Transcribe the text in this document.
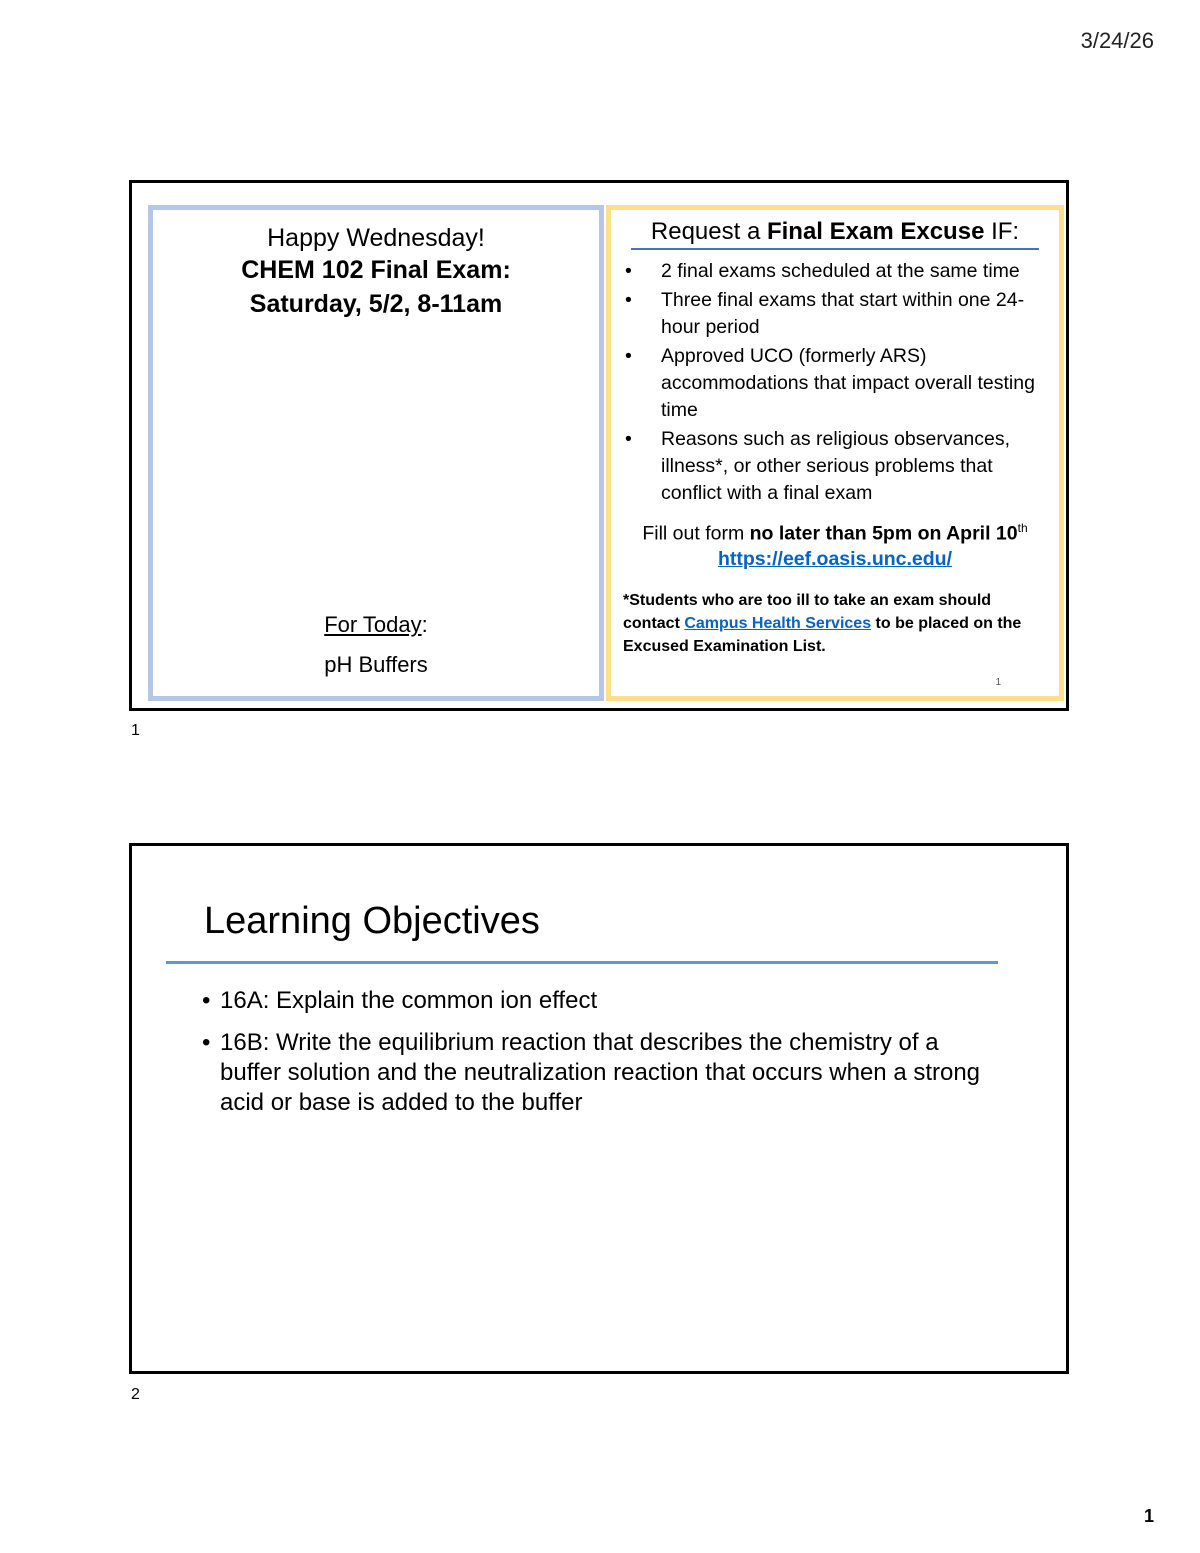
3/24/26
Happy Wednesday!
CHEM 102 Final Exam:
Saturday, 5/2, 8-11am
For Today:
pH Buffers
Request a Final Exam Excuse IF:
• 2 final exams scheduled at the same time
• Three final exams that start within one 24-hour period
• Approved UCO (formerly ARS) accommodations that impact overall testing time
• Reasons such as religious observances, illness*, or other serious problems that conflict with a final exam
Fill out form no later than 5pm on April 10th
https://eef.oasis.unc.edu/
*Students who are too ill to take an exam should contact Campus Health Services to be placed on the Excused Examination List.
1
1
Learning Objectives
• 16A: Explain the common ion effect
• 16B: Write the equilibrium reaction that describes the chemistry of a buffer solution and the neutralization reaction that occurs when a strong acid or base is added to the buffer
2
1
